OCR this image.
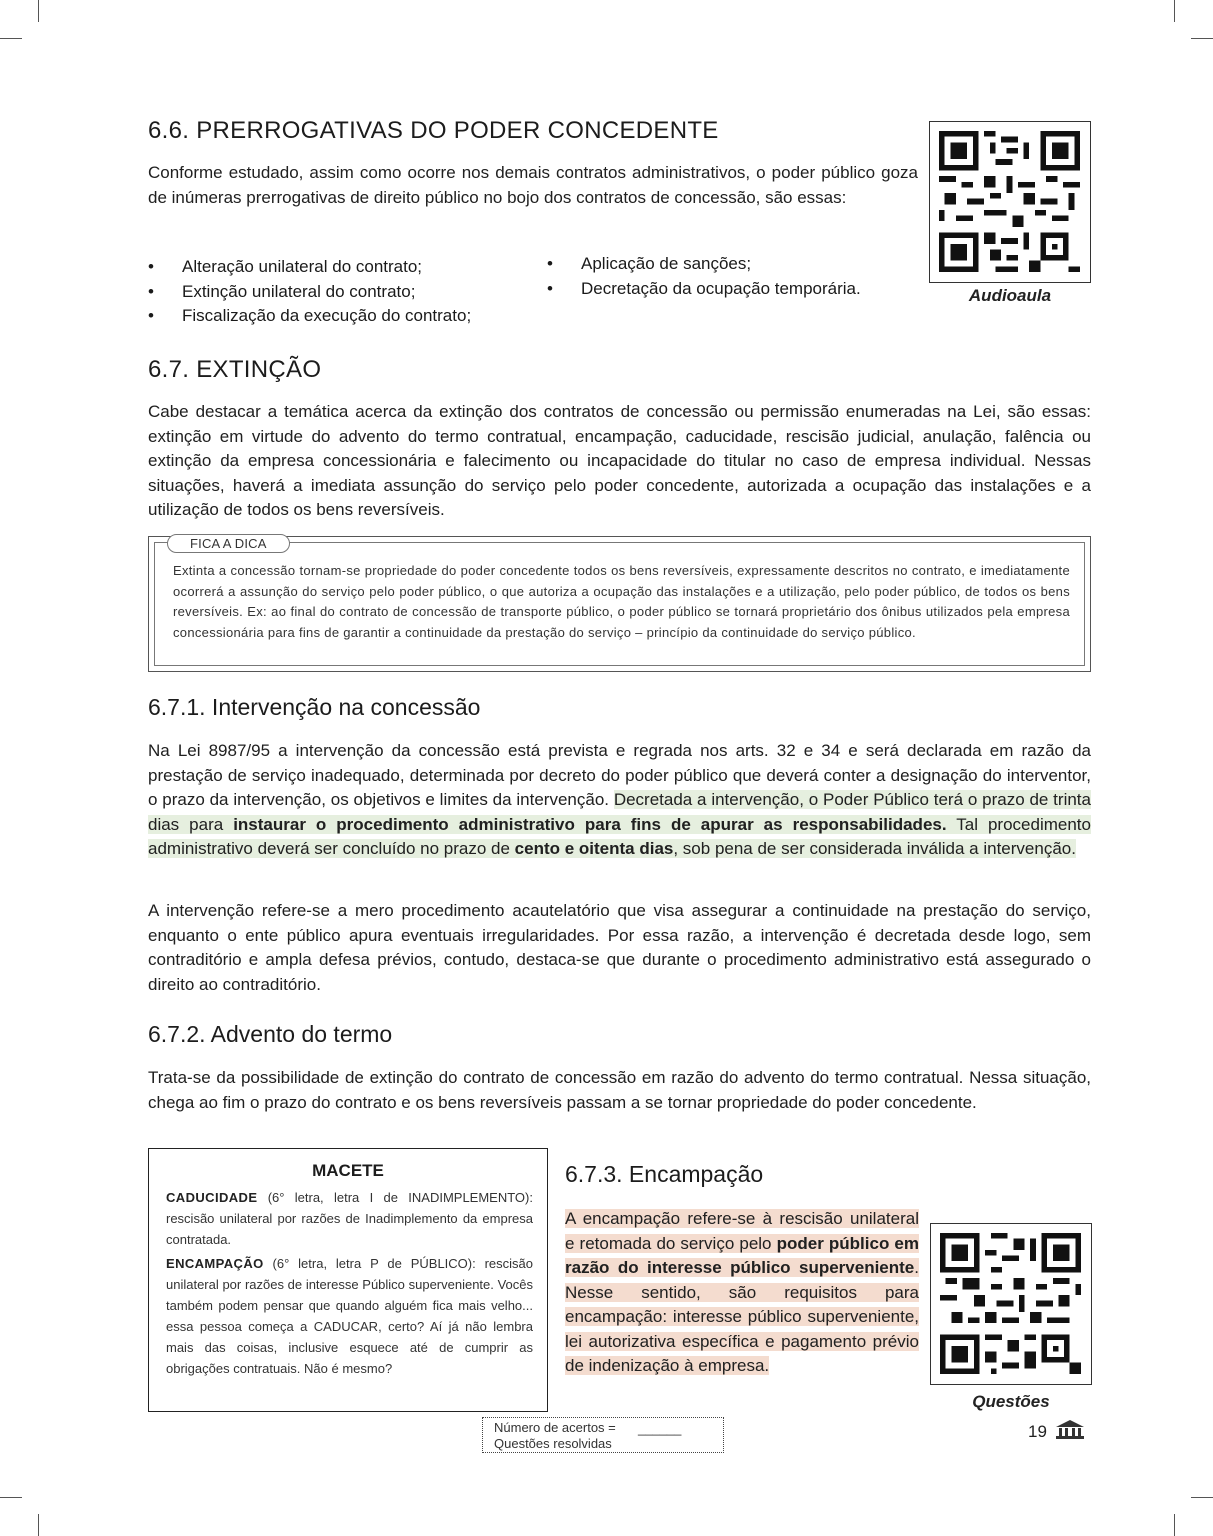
6.6. PRERROGATIVAS DO PODER CONCEDENTE

Conforme estudado, assim como ocorre nos demais contratos administrativos, o poder público goza de inúmeras prerrogativas de direito público no bojo dos contratos de concessão, são essas:

• Alteração unilateral do contrato;
• Extinção unilateral do contrato;
• Fiscalização da execução do contrato;
• Aplicação de sanções;
• Decretação da ocupação temporária.	Audioaula
6.7. EXTINÇÃO

Cabe destacar a temática acerca da extinção dos contratos de concessão ou permissão enumeradas na Lei, são essas: extinção em virtude do advento do termo contratual, encampação, caducidade, rescisão judicial, anulação, falência ou extinção da empresa concessionária e falecimento ou incapacidade do titular no caso de empresa individual. Nessas situações, haverá a imediata assunção do serviço pelo poder concedente, autorizada a ocupação das instalações e a utilização de todos os bens reversíveis.

FICA A DICA

Extinta a concessão tornam-se propriedade do poder concedente todos os bens reversíveis, expressamente descritos no contrato, e imediatamente ocorrerá a assunção do serviço pelo poder público, o que autoriza a ocupação das instalações e a utilização, pelo poder público, de todos os bens reversíveis. Ex: ao final do contrato de concessão de transporte público, o poder público se tornará proprietário dos ônibus utilizados pela empresa concessionária para fins de garantir a continuidade da prestação do serviço – princípio da continuidade do serviço público.

6.7.1. Intervenção na concessão

Na Lei 8987/95 a intervenção da concessão está prevista e regrada nos arts. 32 e 34 e será declarada em razão da prestação de serviço inadequado, determinada por decreto do poder público que deverá conter a designação do interventor, o prazo da intervenção, os objetivos e limites da intervenção. Decretada a intervenção, o Poder Público terá o prazo de trinta dias para instaurar o procedimento administrativo para fins de apurar as responsabilidades. Tal procedimento administrativo deverá ser concluído no prazo de cento e oitenta dias, sob pena de ser considerada inválida a intervenção.

A intervenção refere-se a mero procedimento acautelatório que visa assegurar a continuidade na prestação do serviço, enquanto o ente público apura eventuais irregularidades. Por essa razão, a intervenção é decretada desde logo, sem contraditório e ampla defesa prévios, contudo, destaca-se que durante o procedimento administrativo está assegurado o direito ao contraditório.

6.7.2. Advento do termo

Trata-se da possibilidade de extinção do contrato de concessão em razão do advento do termo contratual. Nessa situação, chega ao fim o prazo do contrato e os bens reversíveis passam a se tornar propriedade do poder concedente.

MACETE

CADUCIDADE (6° letra, letra I de INADIMPLEMENTO): rescisão unilateral por razões de Inadimplemento da empresa contratada.

ENCAMPAÇÃO (6° letra, letra P de PÚBLICO): rescisão unilateral por razões de interesse Público superveniente. Vocês também podem pensar que quando alguém fica mais velho... essa pessoa começa a CADUCAR, certo? Aí já não lembra mais das coisas, inclusive esquece até de cumprir as obrigações contratuais. Não é mesmo?

6.7.3. Encampação

A encampação refere-se à rescisão unilateral e retomada do serviço pelo poder público em razão do interesse público superveniente. Nesse sentido, são requisitos para encampação: interesse público superveniente, lei autorizativa específica e pagamento prévio de indenização à empresa.

Questões
Número de acertos =
Questões resolvidas
______	19
